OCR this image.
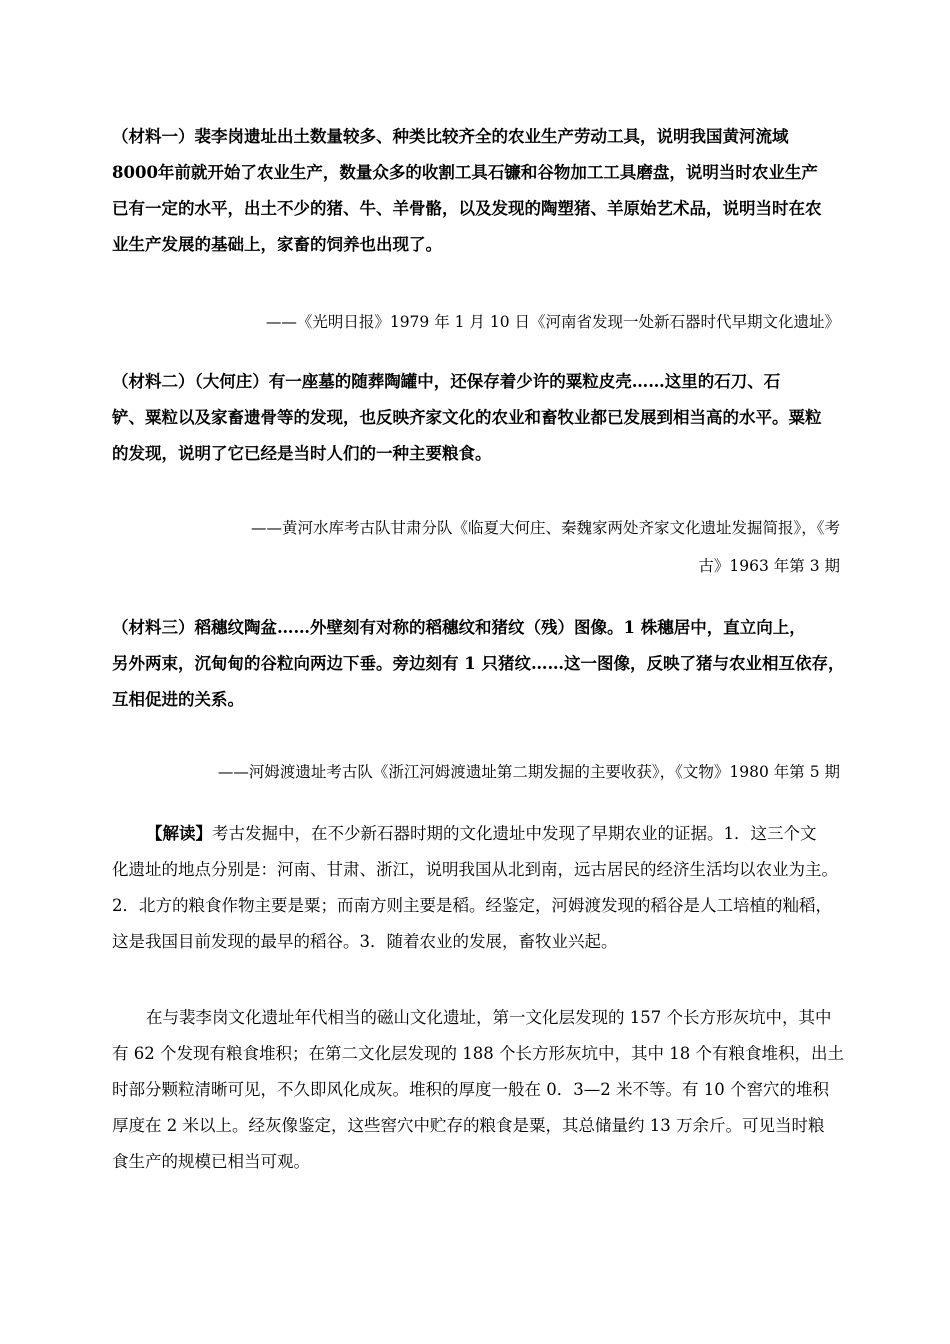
（材料一）裴李岗遗址出土数量较多、种类比较齐全的农业生产劳动工具，说明我国黄河流域
8000年前就开始了农业生产，数量众多的收割工具石镰和谷物加工工具磨盘，说明当时农业生产
已有一定的水平，出土不少的猪、牛、羊骨骼，以及发现的陶塑猪、羊原始艺术品，说明当时在农
业生产发展的基础上，家畜的饲养也出现了。
——《光明日报》1979 年 1 月 10 日《河南省发现一处新石器时代早期文化遗址》
（材料二）（大何庄）有一座墓的随葬陶罐中，还保存着少许的粟粒皮壳……这里的石刀、石
铲、粟粒以及家畜遗骨等的发现，也反映齐家文化的农业和畜牧业都已发展到相当高的水平。粟粒
的发现，说明了它已经是当时人们的一种主要粮食。
——黄河水库考古队甘肃分队《临夏大何庄、秦魏家两处齐家文化遗址发掘简报》，《考
古》1963 年第 3 期
（材料三）稻穗纹陶盆……外壁刻有对称的稻穗纹和猪纹（残）图像。1 株穗居中，直立向上，
另外两束，沉甸甸的谷粒向两边下垂。旁边刻有 1 只猪纹……这一图像，反映了猪与农业相互依存，
互相促进的关系。
——河姆渡遗址考古队《浙江河姆渡遗址第二期发掘的主要收获》，《文物》1980 年第 5 期
【解读】考古发掘中，在不少新石器时期的文化遗址中发现了早期农业的证据。1．这三个文
化遗址的地点分别是：河南、甘肃、浙江，说明我国从北到南，远古居民的经济生活均以农业为主。
2．北方的粮食作物主要是粟；而南方则主要是稻。经鉴定，河姆渡发现的稻谷是人工培植的籼稻，
这是我国目前发现的最早的稻谷。3．随着农业的发展，畜牧业兴起。
在与裴李岗文化遗址年代相当的磁山文化遗址，第一文化层发现的 157 个长方形灰坑中，其中
有 62 个发现有粮食堆积；在第二文化层发现的 188 个长方形灰坑中，其中 18 个有粮食堆积，出土
时部分颗粒清晰可见，不久即风化成灰。堆积的厚度一般在 0．3—2 米不等。有 10 个窖穴的堆积
厚度在 2 米以上。经灰像鉴定，这些窖穴中贮存的粮食是粟，其总储量约 13 万余斤。可见当时粮
食生产的规模已相当可观。
